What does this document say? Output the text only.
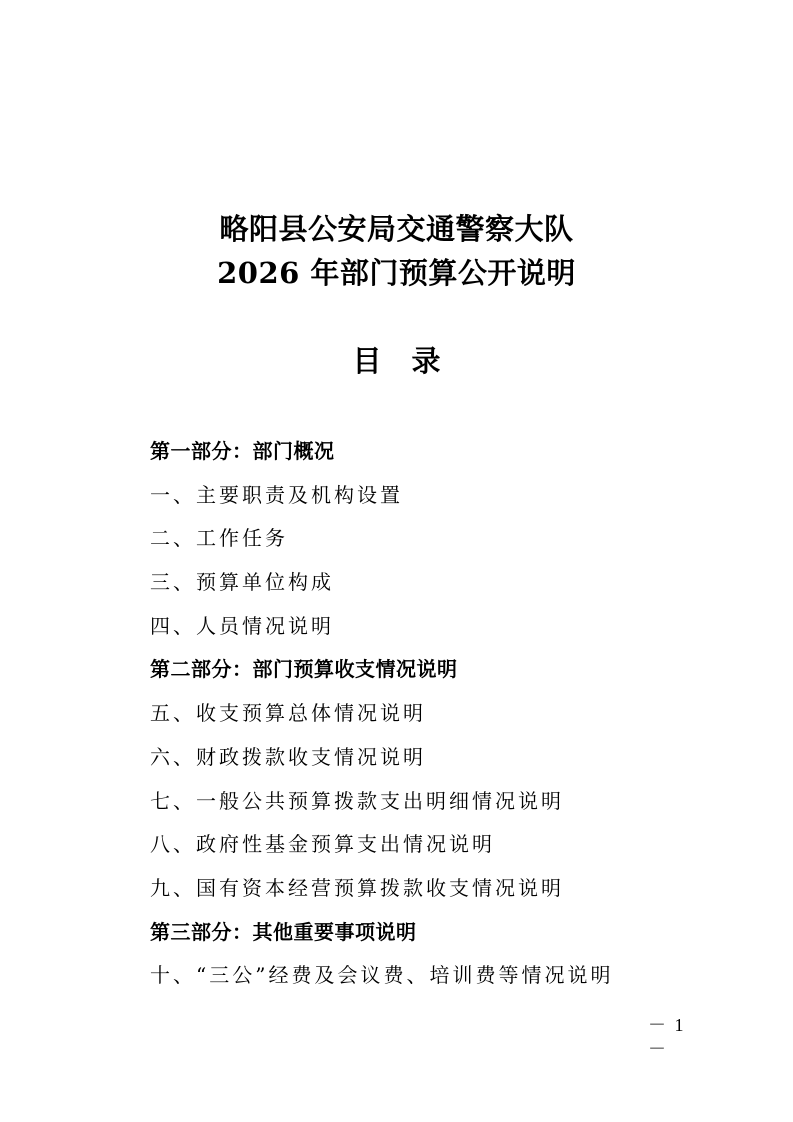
略阳县公安局交通警察大队
2026 年部门预算公开说明
目 录
第一部分：部门概况
一、主要职责及机构设置
二、工作任务
三、预算单位构成
四、人员情况说明
第二部分：部门预算收支情况说明
五、收支预算总体情况说明
六、财政拨款收支情况说明
七、一般公共预算拨款支出明细情况说明
八、政府性基金预算支出情况说明
九、国有资本经营预算拨款收支情况说明
第三部分：其他重要事项说明
十、“三公”经费及会议费、培训费等情况说明
－ 1 －
